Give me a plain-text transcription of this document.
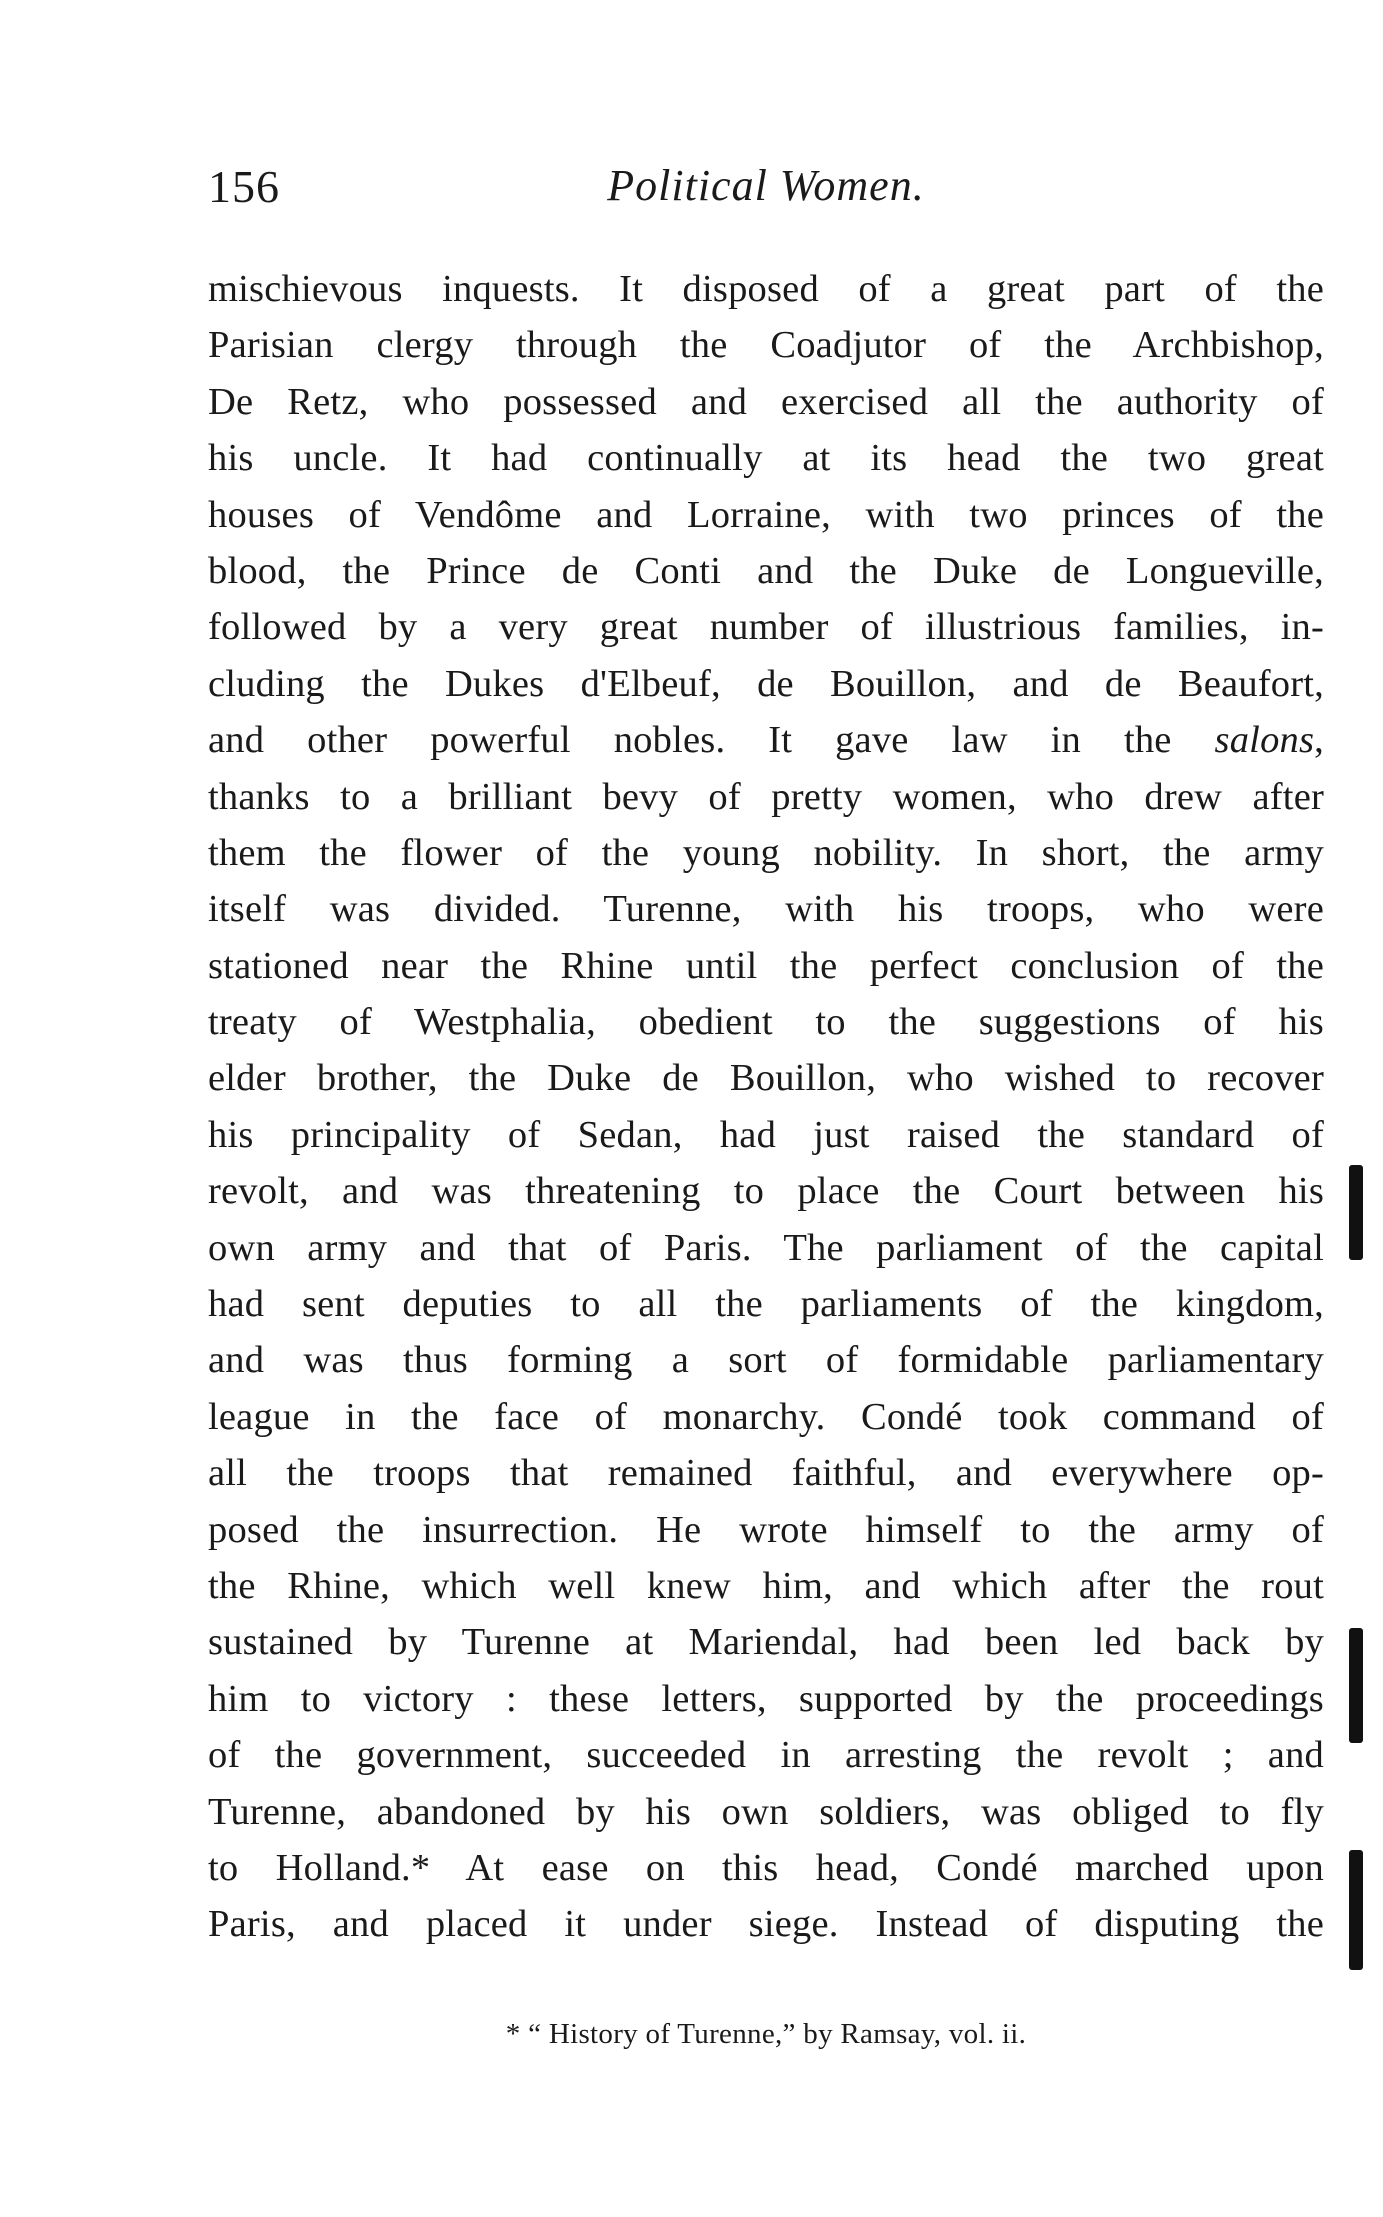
156	Political Women.
mischievous inquests. It disposed of a great part of the
Parisian clergy through the Coadjutor of the Archbishop,
De Retz, who possessed and exercised all the authority of
his uncle. It had continually at its head the two great
houses of Vendôme and Lorraine, with two princes of the
blood, the Prince de Conti and the Duke de Longueville,
followed by a very great number of illustrious families, in-
cluding the Dukes d'Elbeuf, de Bouillon, and de Beaufort,
and other powerful nobles. It gave law in the salons,
thanks to a brilliant bevy of pretty women, who drew after
them the flower of the young nobility. In short, the army
itself was divided. Turenne, with his troops, who were
stationed near the Rhine until the perfect conclusion of the
treaty of Westphalia, obedient to the suggestions of his
elder brother, the Duke de Bouillon, who wished to recover
his principality of Sedan, had just raised the standard of
revolt, and was threatening to place the Court between his
own army and that of Paris. The parliament of the capital
had sent deputies to all the parliaments of the kingdom,
and was thus forming a sort of formidable parliamentary
league in the face of monarchy. Condé took command of
all the troops that remained faithful, and everywhere op-
posed the insurrection. He wrote himself to the army of
the Rhine, which well knew him, and which after the rout
sustained by Turenne at Mariendal, had been led back by
him to victory : these letters, supported by the proceedings
of the government, succeeded in arresting the revolt ; and
Turenne, abandoned by his own soldiers, was obliged to fly
to Holland.* At ease on this head, Condé marched upon
Paris, and placed it under siege. Instead of disputing the
* “ History of Turenne,” by Ramsay, vol. ii.
